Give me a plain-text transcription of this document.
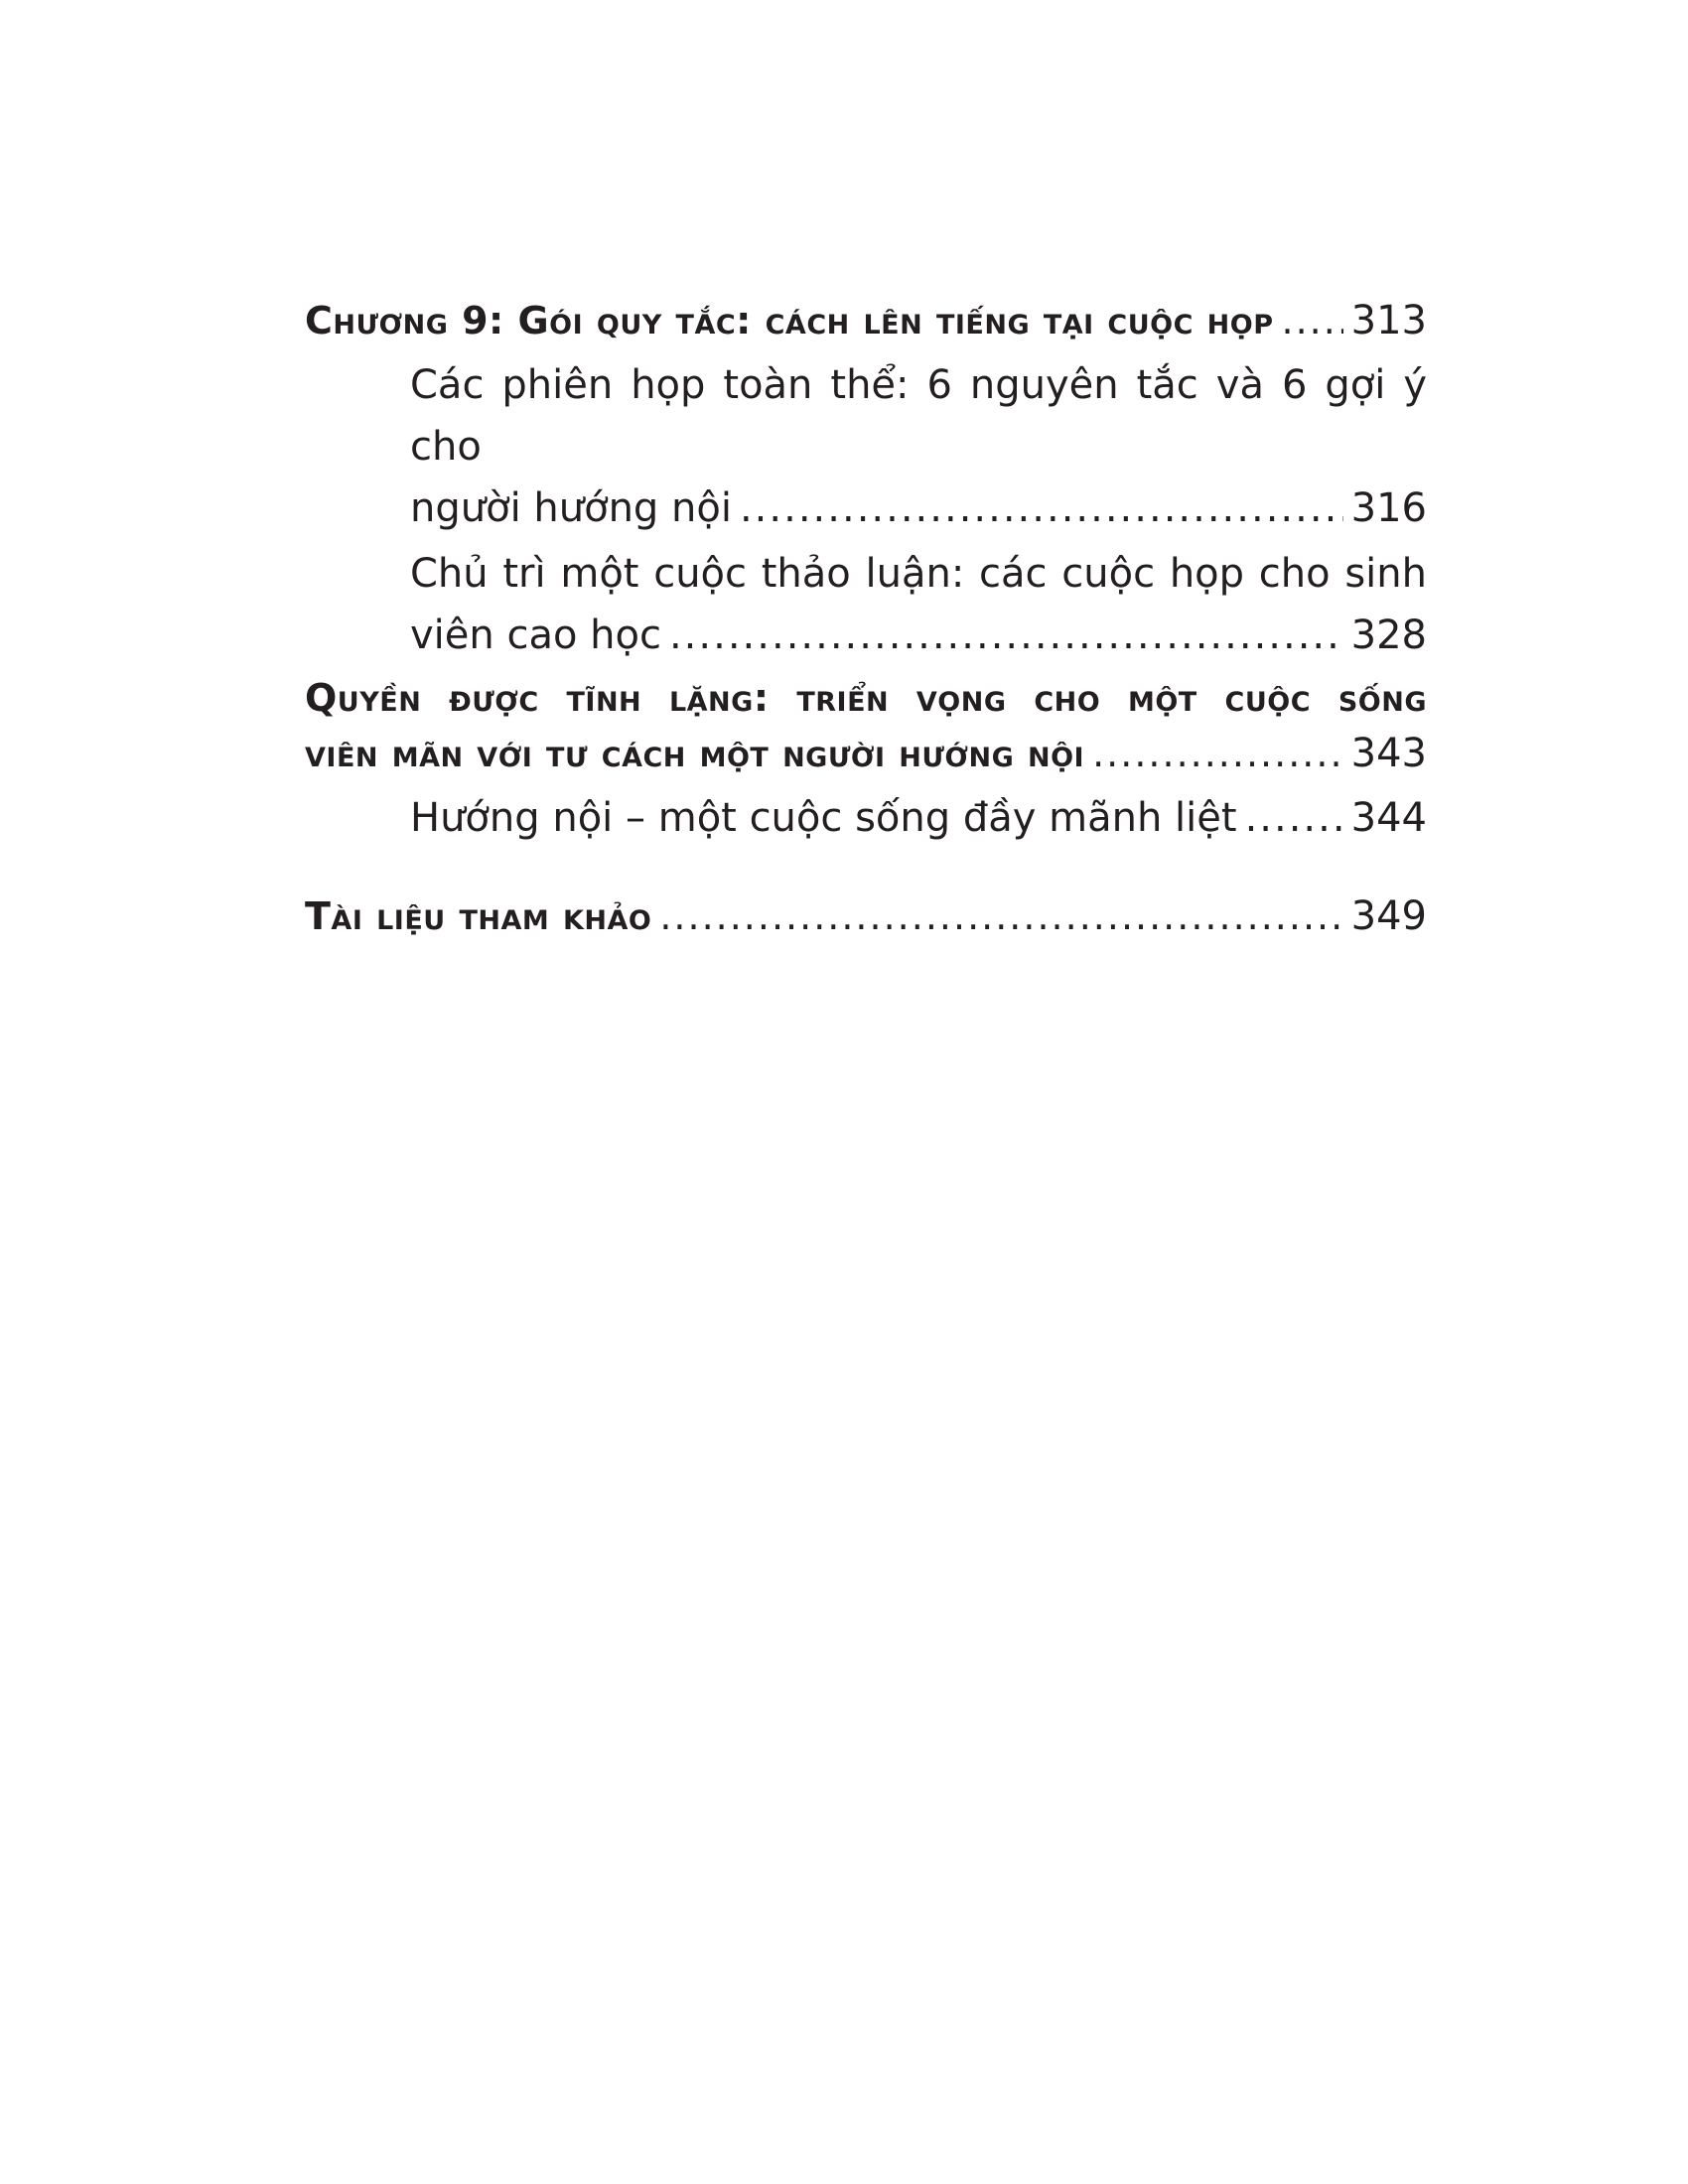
Chương 9: Gói quy tắc: cách lên tiếng tại cuộc họp ..... 313
Các phiên họp toàn thể: 6 nguyên tắc và 6 gợi ý cho
người hướng nội .....	316
Chủ trì một cuộc thảo luận: các cuộc họp cho sinh
viên cao học .....	328
Quyền được tĩnh lặng: triển vọng cho một cuộc sống
viên mãn với tư cách một người hướng nội .....	343
Hướng nội – một cuộc sống đầy mãnh liệt .....	344
Tài liệu tham khảo .....	349
